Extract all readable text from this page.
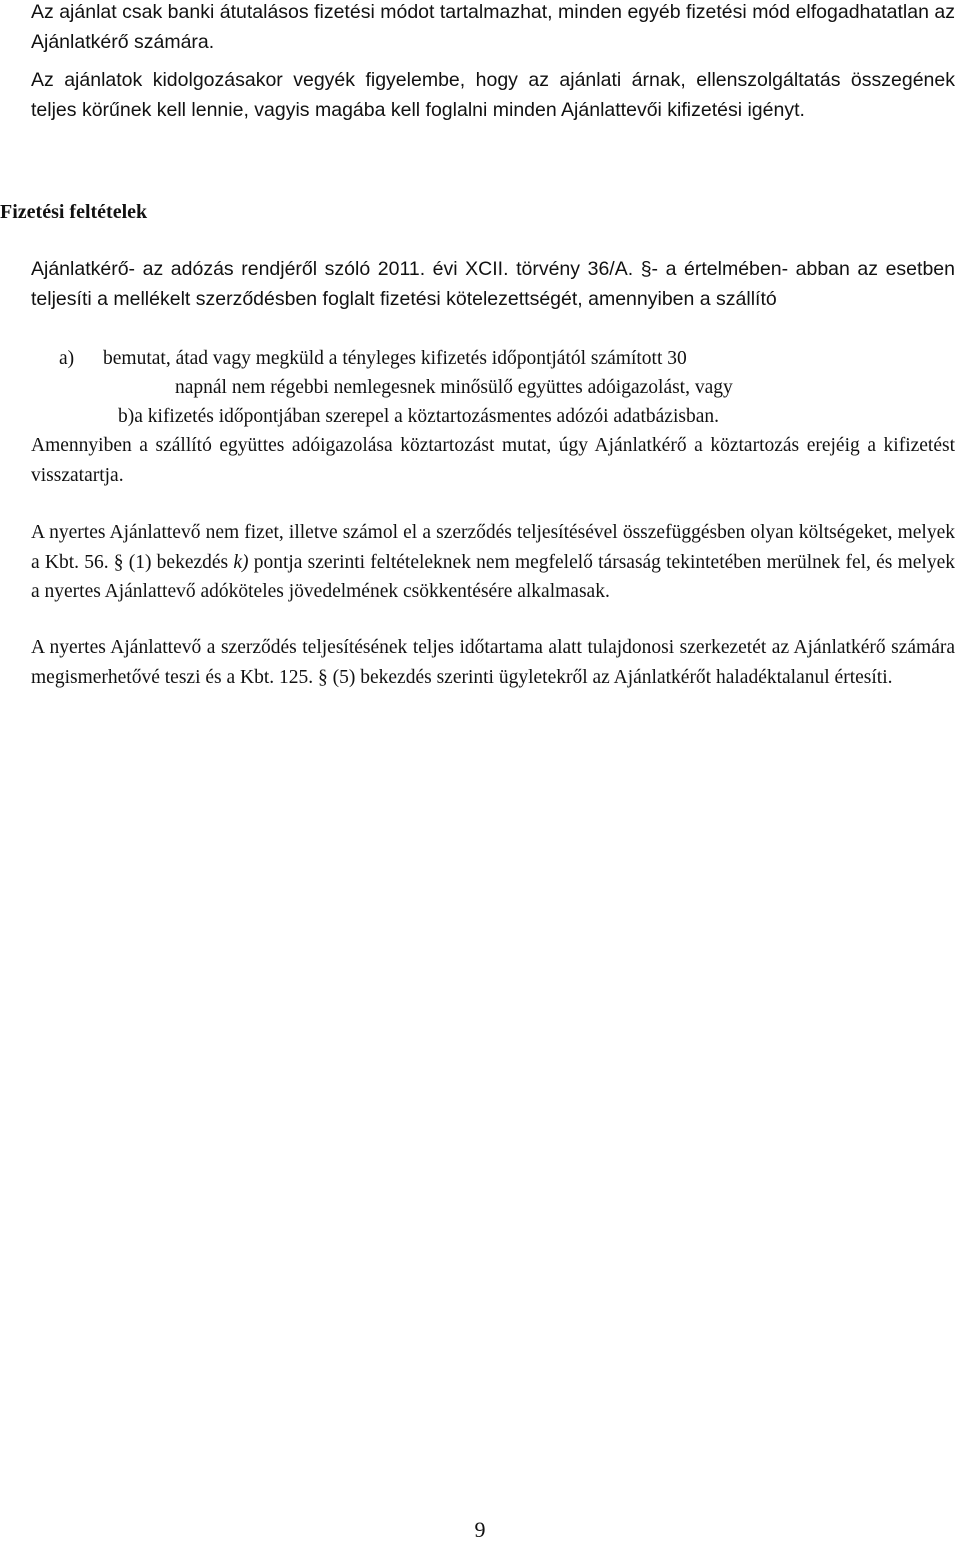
Az ajánlat csak banki átutalásos fizetési módot tartalmazhat, minden egyéb fizetési mód elfogadhatatlan az Ajánlatkérő számára.

Az ajánlatok kidolgozásakor vegyék figyelembe, hogy az ajánlati árnak, ellenszolgáltatás összegének teljes körűnek kell lennie, vagyis magába kell foglalni minden Ajánlattevői kifizetési igényt.

Fizetési feltételek

Ajánlatkérő- az adózás rendjéről szóló 2011. évi XCII. törvény 36/A. §- a értelmében- abban az esetben teljesíti a mellékelt szerződésben foglalt fizetési kötelezettségét, amennyiben a szállító

a) bemutat, átad vagy megküld a tényleges kifizetés időpontjától számított 30

napnál nem régebbi nemlegesnek minősülő együttes adóigazolást, vagy

b)a kifizetés időpontjában szerepel a köztartozásmentes adózói adatbázisban.

Amennyiben a szállító együttes adóigazolása köztartozást mutat, úgy Ajánlatkérő a köztartozás erejéig a kifizetést visszatartja.

A nyertes Ajánlattevő nem fizet, illetve számol el a szerződés teljesítésével összefüggésben olyan költségeket, melyek a Kbt. 56. § (1) bekezdés k) pontja szerinti feltételeknek nem megfelelő társaság tekintetében merülnek fel, és melyek a nyertes Ajánlattevő adóköteles jövedelmének csökkentésére alkalmasak.

A nyertes Ajánlattevő a szerződés teljesítésének teljes időtartama alatt tulajdonosi szerkezetét az Ajánlatkérő számára megismerhetővé teszi és a Kbt. 125. § (5) bekezdés szerinti ügyletekről az Ajánlatkérőt haladéktalanul értesíti.

9
